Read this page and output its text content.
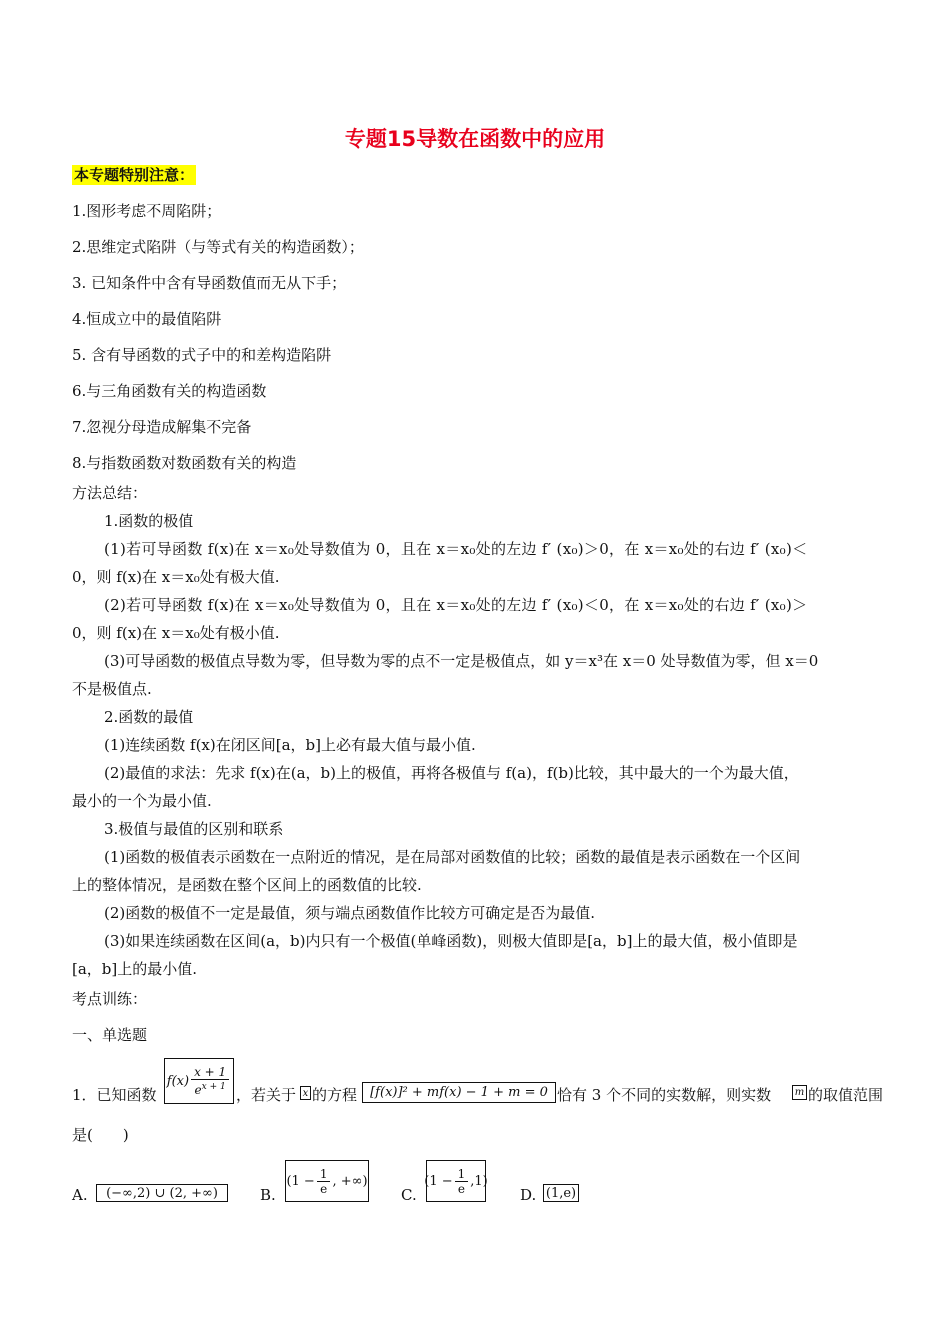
专题15导数在函数中的应用
本专题特别注意：
1.图形考虑不周陷阱；
2.思维定式陷阱（与等式有关的构造函数）；
3. 已知条件中含有导函数值而无从下手；
4.恒成立中的最值陷阱
5. 含有导函数的式子中的和差构造陷阱
6.与三角函数有关的构造函数
7.忽视分母造成解集不完备
8.与指数函数对数函数有关的构造
方法总结：
1.函数的极值
(1)若可导函数 f(x)在 x＝x₀处导数值为 0，且在 x＝x₀处的左边 f′ (x₀)＞0，在 x＝x₀处的右边 f′ (x₀)＜
0，则 f(x)在 x＝x₀处有极大值.
(2)若可导函数 f(x)在 x＝x₀处导数值为 0，且在 x＝x₀处的左边 f′ (x₀)＜0，在 x＝x₀处的右边 f′ (x₀)＞
0，则 f(x)在 x＝x₀处有极小值.
(3)可导函数的极值点导数为零，但导数为零的点不一定是极值点，如 y＝x³在 x＝0 处导数值为零，但 x＝0
不是极值点.
2.函数的最值
(1)连续函数 f(x)在闭区间[a，b]上必有最大值与最小值.
(2)最值的求法：先求 f(x)在(a，b)上的极值，再将各极值与 f(a)，f(b)比较，其中最大的一个为最大值，
最小的一个为最小值.
3.极值与最值的区别和联系
(1)函数的极值表示函数在一点附近的情况，是在局部对函数值的比较；函数的最值是表示函数在一个区间
上的整体情况，是函数在整个区间上的函数值的比较.
(2)函数的极值不一定是最值，须与端点函数值作比较方可确定是否为最值.
(3)如果连续函数在区间(a，b)内只有一个极值(单峰函数)，则极大值即是[a，b]上的最大值，极小值即是
[a，b]上的最小值.
考点训练：
一、单选题
1．已知函数
$f(x) \frac{x + 1}{e^{x + 1}}$ ，若关于 x 的方程	[f(x)]² + mf(x) − 1 + m = 0 恰有 3 个不同的实数解，则实数 m 的取值范围
是(　　)
A.	(−∞,2) ∪ (2, +∞)	B.
($1 - \frac{1}{e}$ , +∞)
C.
$(1 - \frac{1}{e} ,1)$
D. (1,e)
